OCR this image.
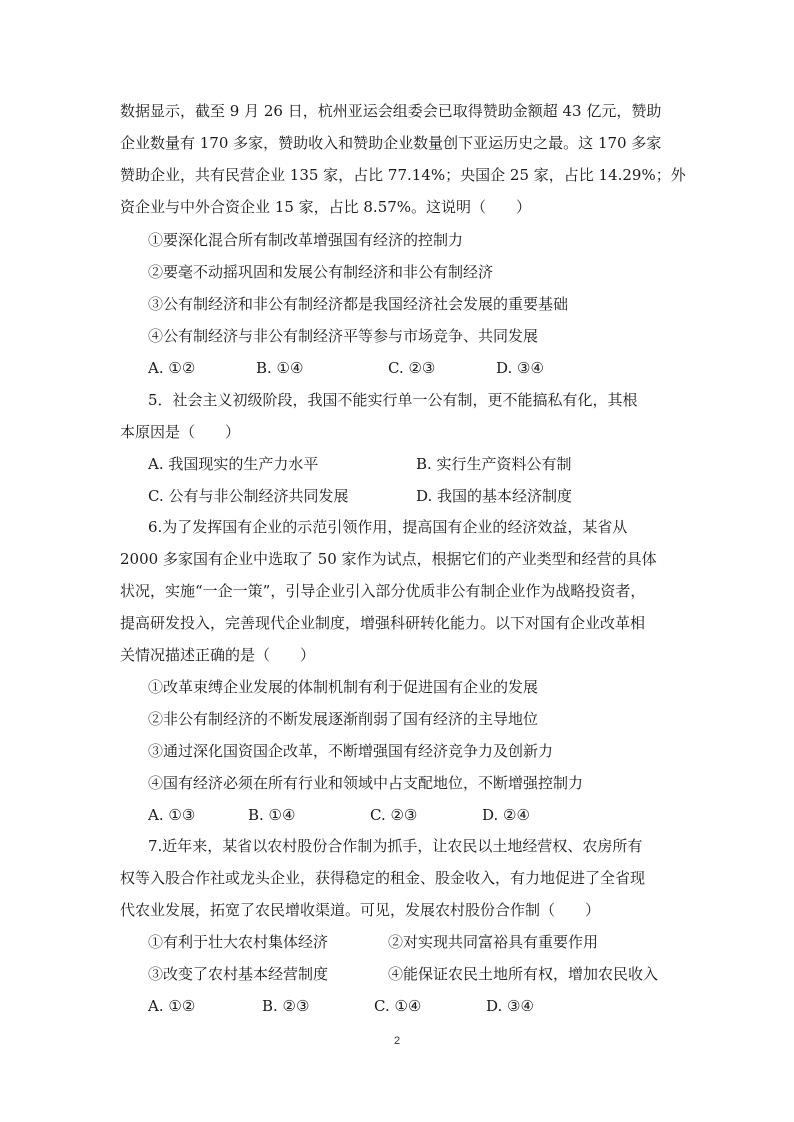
数据显示，截至 9 月 26 日，杭州亚运会组委会已取得赞助金额超 43 亿元，赞助
企业数量有 170 多家，赞助收入和赞助企业数量创下亚运历史之最。这 170 多家
赞助企业，共有民营企业 135 家，占比 77.14%；央国企 25 家，占比 14.29%；外
资企业与中外合资企业 15 家，占比 8.57%。这说明（　　）
①要深化混合所有制改革增强国有经济的控制力
②要毫不动摇巩固和发展公有制经济和非公有制经济
③公有制经济和非公有制经济都是我国经济社会发展的重要基础
④公有制经济与非公有制经济平等参与市场竞争、共同发展
A. ①②	B. ①④	C. ②③	D. ③④
5．社会主义初级阶段，我国不能实行单一公有制，更不能搞私有化，其根
本原因是（　　）
A. 我国现实的生产力水平	B. 实行生产资料公有制
C. 公有与非公制经济共同发展	D. 我国的基本经济制度
6.为了发挥国有企业的示范引领作用，提高国有企业的经济效益，某省从
2000 多家国有企业中选取了 50 家作为试点，根据它们的产业类型和经营的具体
状况，实施“一企一策”，引导企业引入部分优质非公有制企业作为战略投资者，
提高研发投入，完善现代企业制度，增强科研转化能力。以下对国有企业改革相
关情况描述正确的是（　　）
①改革束缚企业发展的体制机制有利于促进国有企业的发展
②非公有制经济的不断发展逐渐削弱了国有经济的主导地位
③通过深化国资国企改革，不断增强国有经济竞争力及创新力
④国有经济必须在所有行业和领域中占支配地位，不断增强控制力
A. ①③	B. ①④	C. ②③	D. ②④
7.近年来，某省以农村股份合作制为抓手，让农民以土地经营权、农房所有
权等入股合作社或龙头企业，获得稳定的租金、股金收入，有力地促进了全省现
代农业发展，拓宽了农民增收渠道。可见，发展农村股份合作制（　　）
①有利于壮大农村集体经济	②对实现共同富裕具有重要作用
③改变了农村基本经营制度	④能保证农民土地所有权，增加农民收入
A. ①②	B. ②③	C. ①④	D. ③④
2
